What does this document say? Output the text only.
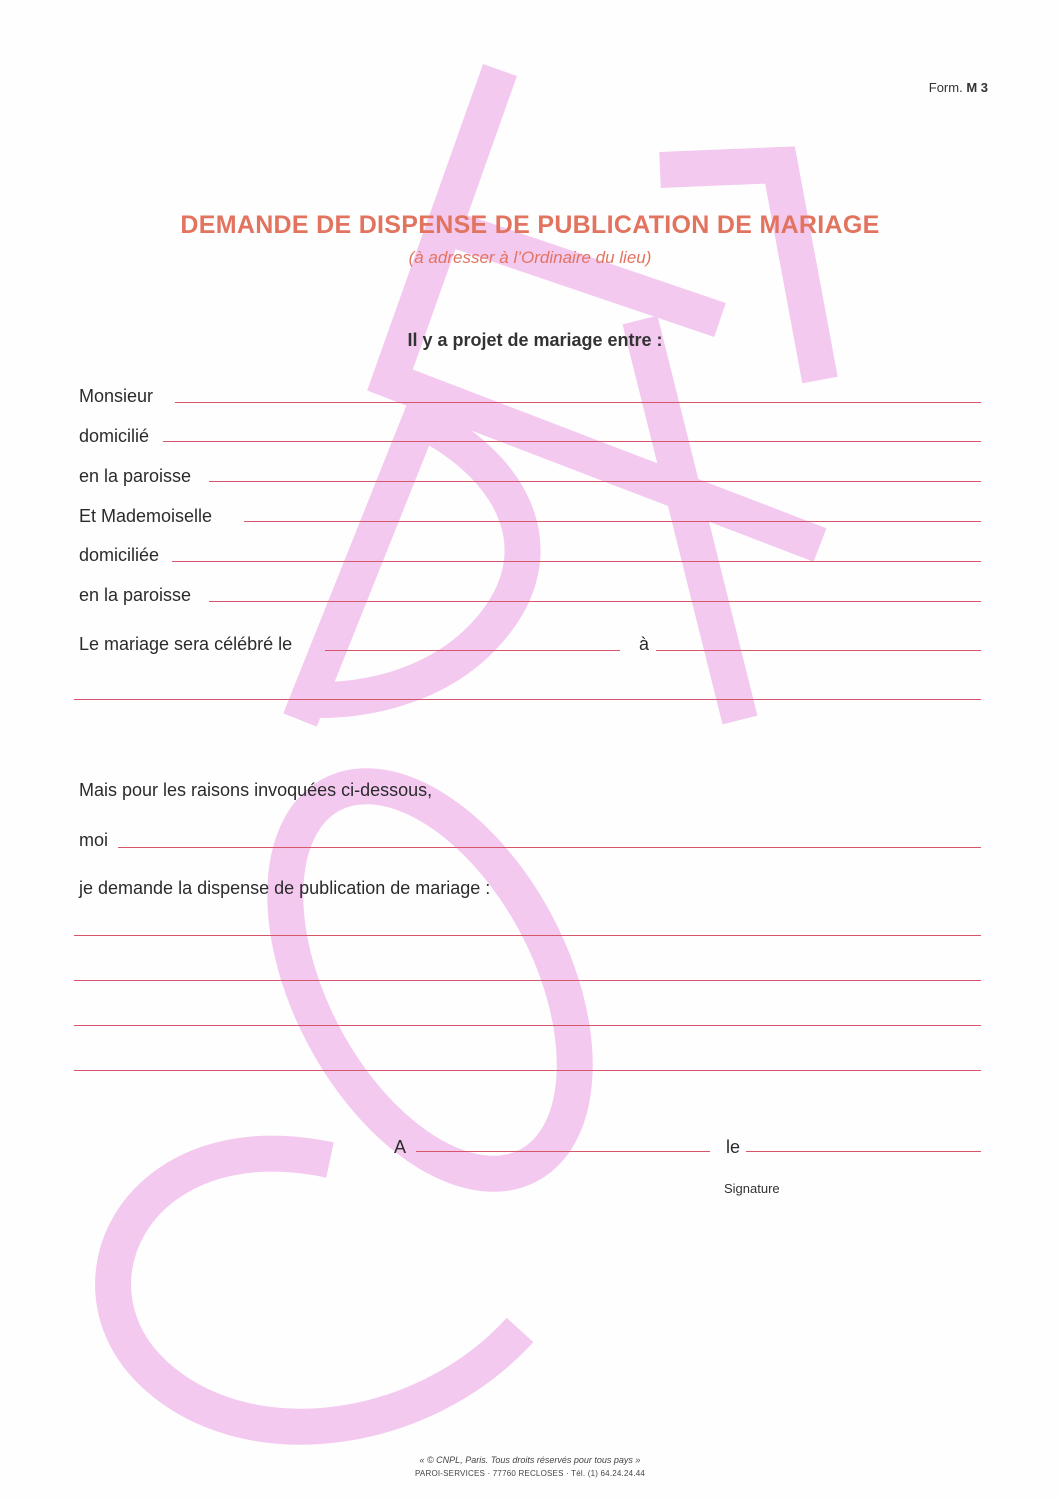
Form. M 3
DEMANDE DE DISPENSE DE PUBLICATION DE MARIAGE
(à adresser à l’Ordinaire du lieu)
Il y a projet de mariage entre :
Monsieur
domicilié
en la paroisse
Et Mademoiselle
domiciliée
en la paroisse
Le mariage sera célébré le	à
Mais pour les raisons invoquées ci-dessous,
moi
je demande la dispense de publication de mariage :
A	le
Signature
« © CNPL, Paris. Tous droits réservés pour tous pays »
PAROI-SERVICES · 77760 RECLOSES · Tél. (1) 64.24.24.44
